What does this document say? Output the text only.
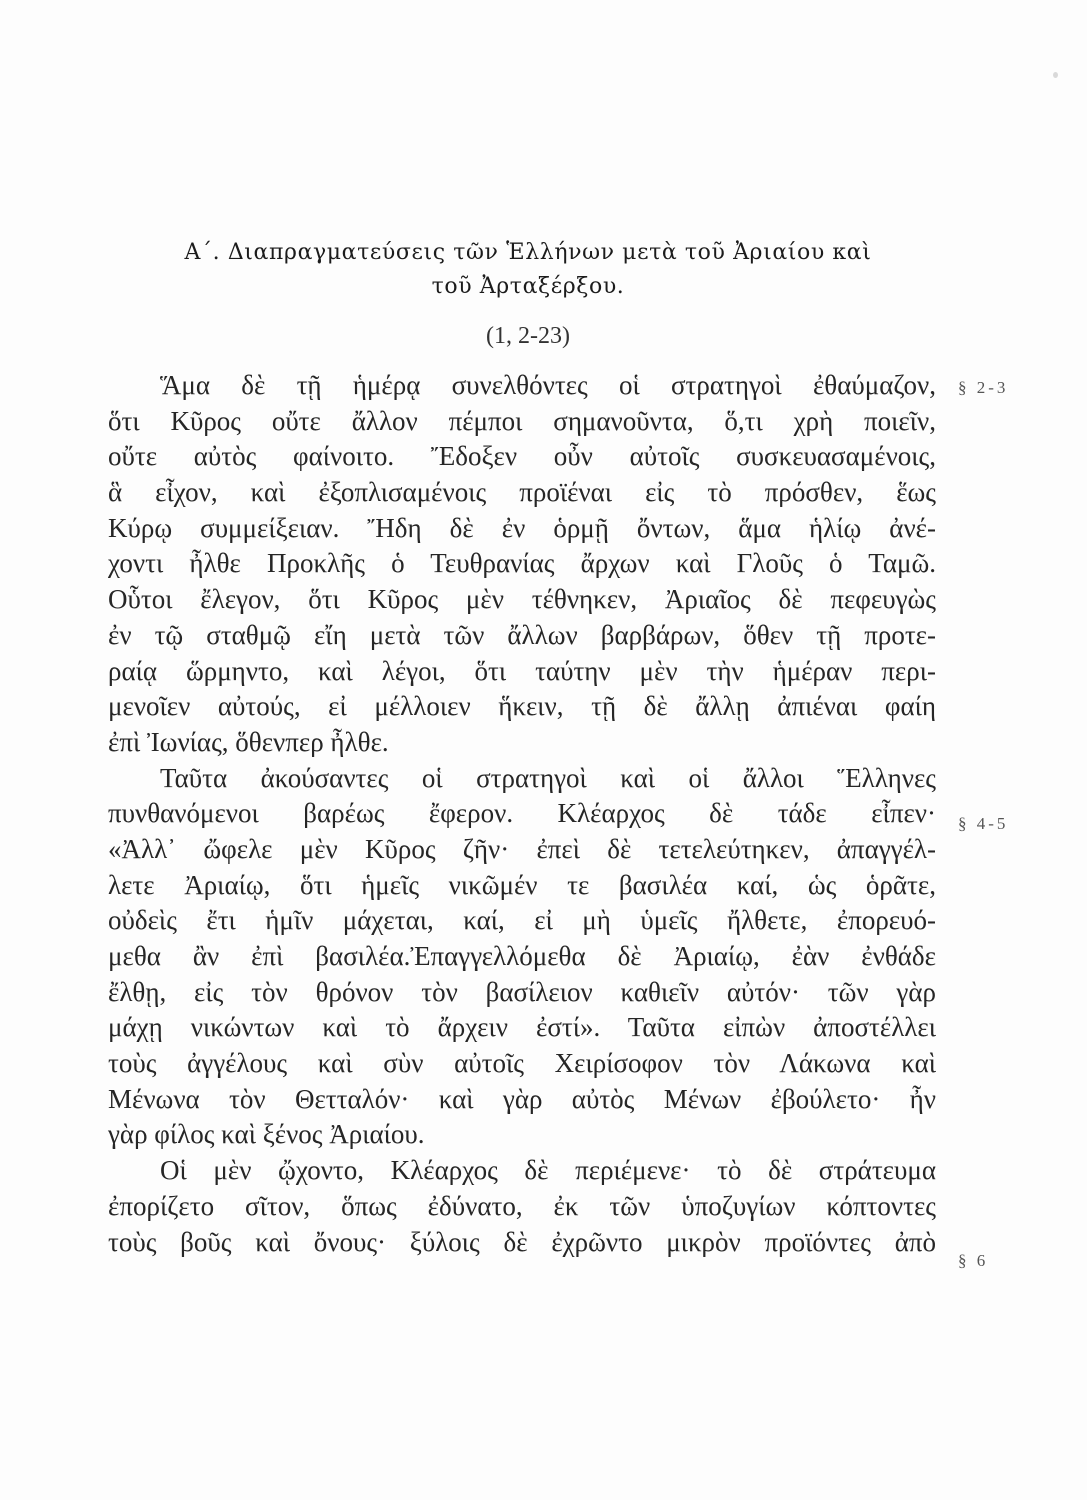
Α΄. Διαπραγματεύσεις τῶν Ἑλλήνων μετὰ τοῦ Ἀριαίου καὶ
τοῦ Ἀρταξέρξου.
(1, 2-23)
Ἅμα δὲ τῇ ἡμέρᾳ συνελθόντες οἱ στρατηγοὶ ἐθαύμαζον,
ὅτι Κῦρος οὔτε ἄλλον πέμποι σημανοῦντα, ὅ,τι χρὴ ποιεῖν,
οὔτε αὐτὸς φαίνοιτο. Ἔδοξεν οὖν αὐτοῖς συσκευασαμένοις,
ἃ εἶχον, καὶ ἐξοπλισαμένοις προϊέναι εἰς τὸ πρόσθεν, ἕως
Κύρῳ συμμείξειαν. Ἤδη δὲ ἐν ὁρμῇ ὄντων, ἅμα ἡλίῳ ἀνέ-
χοντι ἦλθε Προκλῆς ὁ Τευθρανίας ἄρχων καὶ Γλοῦς ὁ Ταμῶ.
Οὗτοι ἔλεγον, ὅτι Κῦρος μὲν τέθνηκεν, Ἀριαῖος δὲ πεφευγὼς
ἐν τῷ σταθμῷ εἴη μετὰ τῶν ἄλλων βαρβάρων, ὅθεν τῇ προτε-
ραίᾳ ὥρμηντο, καὶ λέγοι, ὅτι ταύτην μὲν τὴν ἡμέραν περι-
μενοῖεν αὐτούς, εἰ μέλλοιεν ἥκειν, τῇ δὲ ἄλλῃ ἀπιέναι φαίη
ἐπὶ Ἰωνίας, ὅθενπερ ἦλθε.
Ταῦτα ἀκούσαντες οἱ στρατηγοὶ καὶ οἱ ἄλλοι Ἕλληνες
πυνθανόμενοι βαρέως ἔφερον. Κλέαρχος δὲ τάδε εἶπεν·
«Ἀλλ᾽ ὤφελε μὲν Κῦρος ζῆν· ἐπεὶ δὲ τετελεύτηκεν, ἀπαγγέλ-
λετε Ἀριαίῳ, ὅτι ἡμεῖς νικῶμέν τε βασιλέα καί, ὡς ὁρᾶτε,
οὐδεὶς ἔτι ἡμῖν μάχεται, καί, εἰ μὴ ὑμεῖς ἤλθετε, ἐπορευό-
μεθα ἂν ἐπὶ βασιλέα.Ἐπαγγελλόμεθα δὲ Ἀριαίῳ, ἐὰν ἐνθάδε
ἔλθῃ, εἰς τὸν θρόνον τὸν βασίλειον καθιεῖν αὐτόν· τῶν γὰρ
μάχῃ νικώντων καὶ τὸ ἄρχειν ἐστί». Ταῦτα εἰπὼν ἀποστέλλει
τοὺς ἀγγέλους καὶ σὺν αὐτοῖς Χειρίσοφον τὸν Λάκωνα καὶ
Μένωνα τὸν Θετταλόν· καὶ γὰρ αὐτὸς Μένων ἐβούλετο· ἦν
γὰρ φίλος καὶ ξένος Ἀριαίου.
Οἱ μὲν ᾤχοντο, Κλέαρχος δὲ περιέμενε· τὸ δὲ στράτευμα
ἐπορίζετο σῖτον, ὅπως ἐδύνατο, ἐκ τῶν ὑποζυγίων κόπτοντες
τοὺς βοῦς καὶ ὄνους· ξύλοις δὲ ἐχρῶντο μικρὸν προϊόντες ἀπὸ
§ 2-3
§ 4-5
§ 6
